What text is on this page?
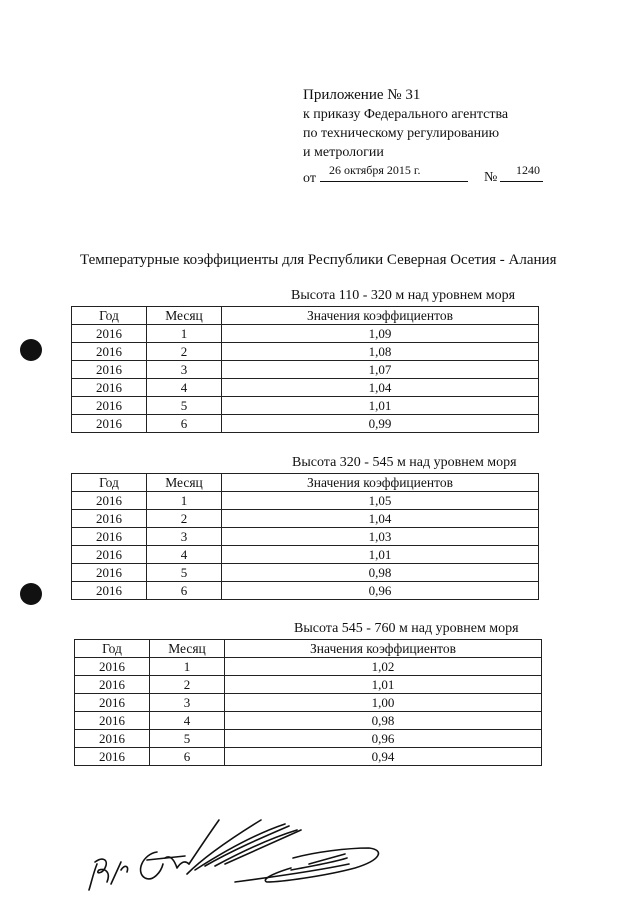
Приложение № 31
к приказу Федерального агентства
по техническому регулированию
и метрологии
от
26 октября 2015 г.	№	1240
Температурные коэффициенты для Республики Северная Осетия - Алания
Высота 110 - 320 м над уровнем моря
Год	Месяц	Значения коэффициентов
2016	1	1,09
2016	2	1,08
2016	3	1,07
2016	4	1,04
2016	5	1,01
2016	6	0,99
Высота 320 - 545 м над уровнем моря
Год	Месяц	Значения коэффициентов
2016	1	1,05
2016	2	1,04
2016	3	1,03
2016	4	1,01
2016	5	0,98
2016	6	0,96
Высота 545 - 760 м над уровнем моря
Год	Месяц	Значения коэффициентов
2016	1	1,02
2016	2	1,01
2016	3	1,00
2016	4	0,98
2016	5	0,96
2016	6	0,94
